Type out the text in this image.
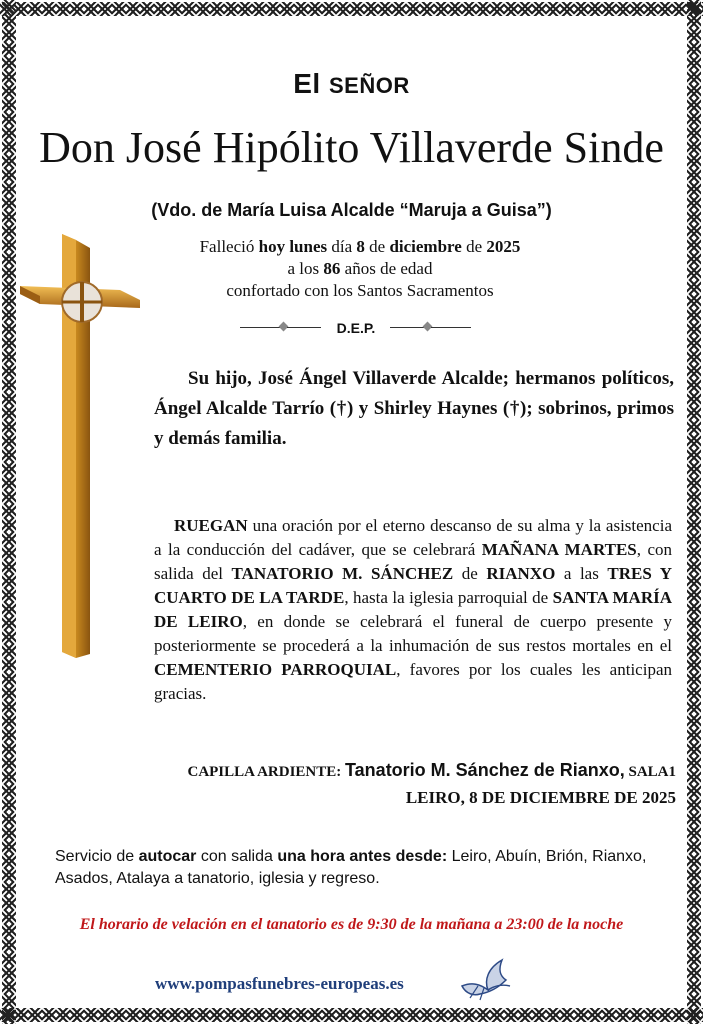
El SEÑOR
Don José Hipólito Villaverde Sinde
(Vdo. de María Luisa Alcalde “Maruja a Guisa”)
Falleció hoy lunes día 8 de diciembre de 2025
a los 86 años de edad
confortado con los Santos Sacramentos
D.E.P.
Su hijo, José Ángel Villaverde Alcalde; hermanos políticos, Ángel Alcalde Tarrío (†) y Shirley Haynes (†); sobrinos, primos y demás familia.
RUEGAN una oración por el eterno descanso de su alma y la asistencia a la conducción del cadáver, que se celebrará MAÑANA MARTES, con salida del TANATORIO M. SÁNCHEZ de RIANXO a las TRES Y CUARTO DE LA TARDE, hasta la iglesia parroquial de SANTA MARÍA DE LEIRO, en donde se celebrará el funeral de cuerpo presente y posteriormente se procederá a la inhumación de sus restos mortales en el CEMENTERIO PARROQUIAL, favores por los cuales les anticipan gracias.
CAPILLA ARDIENTE: Tanatorio M. Sánchez de Rianxo, SALA1
LEIRO, 8 DE DICIEMBRE DE 2025
Servicio de autocar con salida una hora antes desde: Leiro, Abuín, Brión, Rianxo, Asados, Atalaya a tanatorio, iglesia y regreso.
El horario de velación en el tanatorio es de 9:30 de la mañana a 23:00 de la noche
www.pompasfunebres-europeas.es
